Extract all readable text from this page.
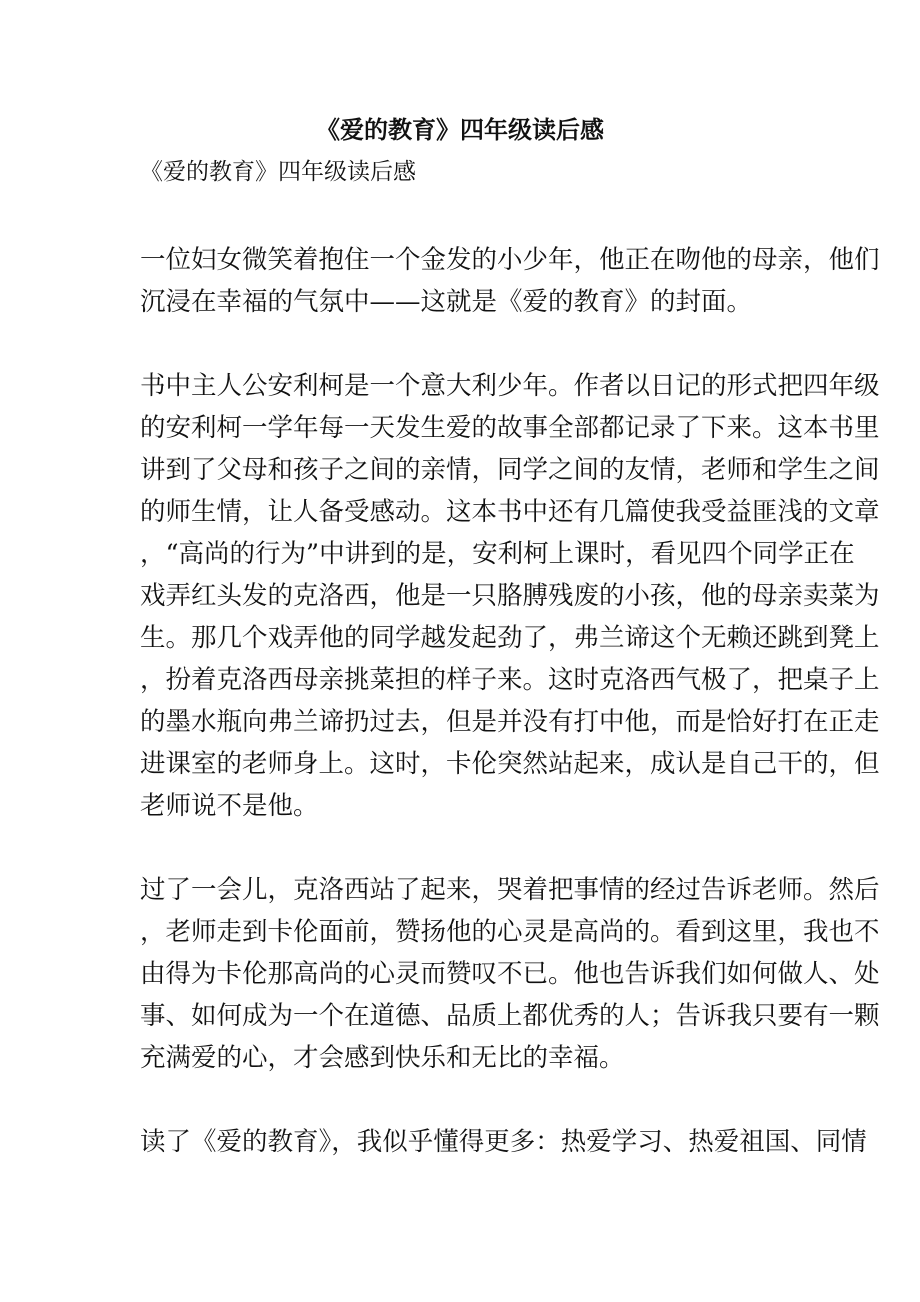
《爱的教育》四年级读后感
《爱的教育》四年级读后感
一位妇女微笑着抱住一个金发的小少年，他正在吻他的母亲，他们
沉浸在幸福的气氛中——这就是《爱的教育》的封面。
书中主人公安利柯是一个意大利少年。作者以日记的形式把四年级
的安利柯一学年每一天发生爱的故事全部都记录了下来。这本书里
讲到了父母和孩子之间的亲情，同学之间的友情，老师和学生之间
的师生情，让人备受感动。这本书中还有几篇使我受益匪浅的文章
，“高尚的行为”中讲到的是，安利柯上课时，看见四个同学正在
戏弄红头发的克洛西，他是一只胳膊残废的小孩，他的母亲卖菜为
生。那几个戏弄他的同学越发起劲了，弗兰谛这个无赖还跳到凳上
，扮着克洛西母亲挑菜担的样子来。这时克洛西气极了，把桌子上
的墨水瓶向弗兰谛扔过去，但是并没有打中他，而是恰好打在正走
进课室的老师身上。这时，卡伦突然站起来，成认是自己干的，但
老师说不是他。
过了一会儿，克洛西站了起来，哭着把事情的经过告诉老师。然后
，老师走到卡伦面前，赞扬他的心灵是高尚的。看到这里，我也不
由得为卡伦那高尚的心灵而赞叹不已。他也告诉我们如何做人、处
事、如何成为一个在道德、品质上都优秀的人；告诉我只要有一颗
充满爱的心，才会感到快乐和无比的幸福。
读了《爱的教育》，我似乎懂得更多：热爱学习、热爱祖国、同情
